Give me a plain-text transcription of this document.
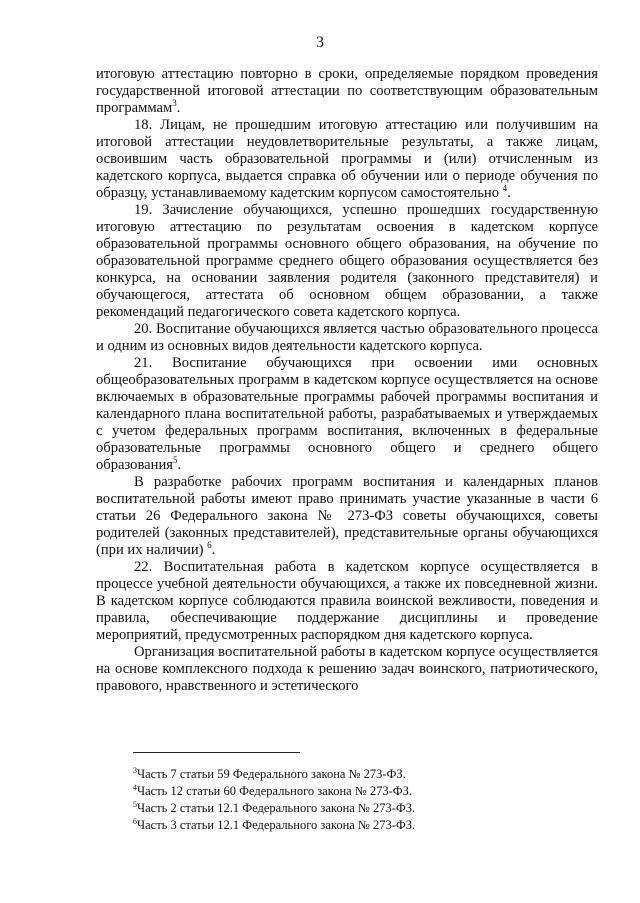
3

итоговую аттестацию повторно в сроки, определяемые порядком проведения государственной итоговой аттестации по соответствующим образовательным программам$^3$.

18. Лицам, не прошедшим итоговую аттестацию или получившим на итоговой аттестации неудовлетворительные результаты, а также лицам, освоившим часть образовательной программы и (или) отчисленным из кадетского корпуса, выдается справка об обучении или о периоде обучения по образцу, устанавливаемому кадетским корпусом самостоятельно $^4$.

19. Зачисление обучающихся, успешно прошедших государственную итоговую аттестацию по результатам освоения в кадетском корпусе образовательной программы основного общего образования, на обучение по образовательной программе среднего общего образования осуществляется без конкурса, на основании заявления родителя (законного представителя) и обучающегося, аттестата об основном общем образовании, а также рекомендаций педагогического совета кадетского корпуса.

20. Воспитание обучающихся является частью образовательного процесса и одним из основных видов деятельности кадетского корпуса.

21. Воспитание обучающихся при освоении ими основных общеобразовательных программ в кадетском корпусе осуществляется на основе включаемых в образовательные программы рабочей программы воспитания и календарного плана воспитательной работы, разрабатываемых и утверждаемых с учетом федеральных программ воспитания, включенных в федеральные образовательные программы основного общего и среднего общего образования$^5$.

В разработке рабочих программ воспитания и календарных планов воспитательной работы имеют право принимать участие указанные в части 6 статьи 26 Федерального закона № 273-ФЗ советы обучающихся, советы родителей (законных представителей), представительные органы обучающихся (при их наличии) $^6$.

22. Воспитательная работа в кадетском корпусе осуществляется в процессе учебной деятельности обучающихся, а также их повседневной жизни. В кадетском корпусе соблюдаются правила воинской вежливости, поведения и правила, обеспечивающие поддержание дисциплины и проведение мероприятий, предусмотренных распорядком дня кадетского корпуса.

Организация воспитательной работы в кадетском корпусе осуществляется на основе комплексного подхода к решению задач воинского, патриотического, правового, нравственного и эстетического

$^3$Часть 7 статьи 59 Федерального закона № 273-ФЗ.

$^4$Часть 12 статьи 60 Федерального закона № 273-ФЗ.

$^5$Часть 2 статьи 12.1 Федерального закона № 273-ФЗ.

$^6$Часть 3 статьи 12.1 Федерального закона № 273-ФЗ.
